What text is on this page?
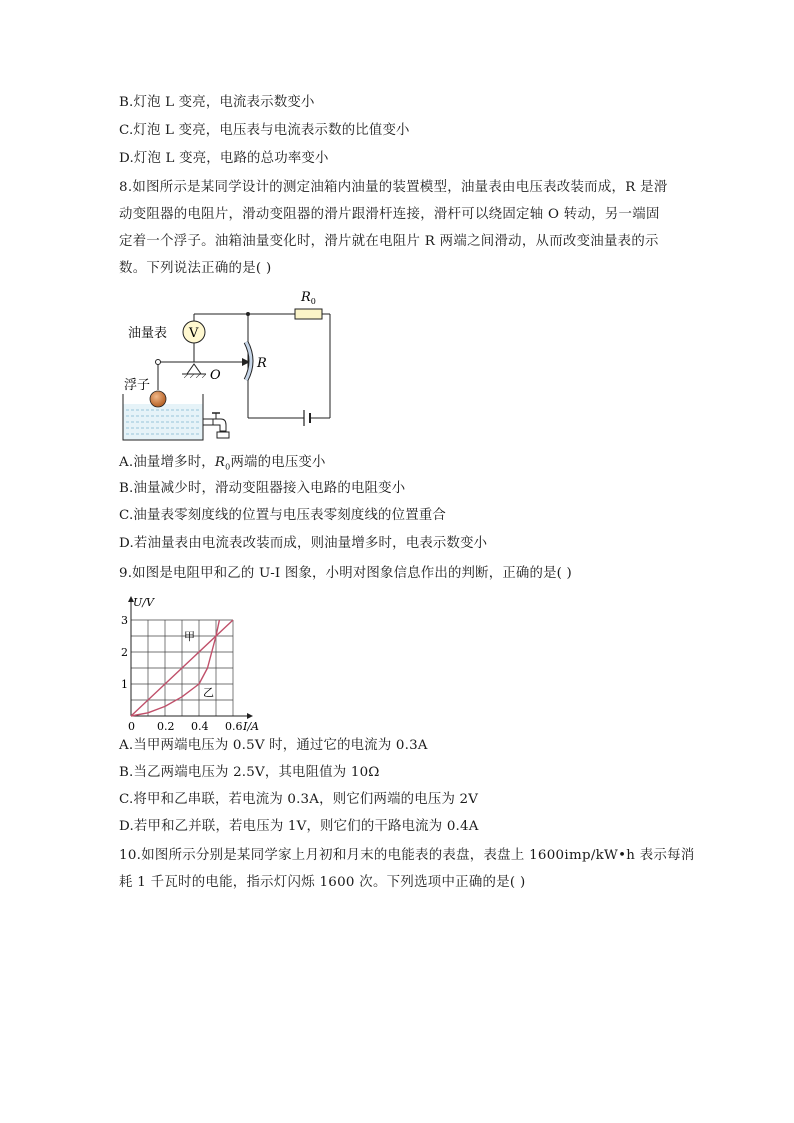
B.灯泡 L 变亮，电流表示数变小
C.灯泡 L 变亮，电压表与电流表示数的比值变小
D.灯泡 L 变亮，电路的总功率变小
8.如图所示是某同学设计的测定油箱内油量的装置模型，油量表由电压表改装而成，R 是滑
动变阻器的电阻片，滑动变阻器的滑片跟滑杆连接，滑杆可以绕固定轴 O 转动，另一端固
定着一个浮子。油箱油量变化时，滑片就在电阻片 R 两端之间滑动，从而改变油量表的示
数。下列说法正确的是( )
$R_0$
V
油量表
O
R
浮子
A.油量增多时，$R_0$两端的电压变小
B.油量减少时，滑动变阻器接入电路的电阻变小
C.油量表零刻度线的位置与电压表零刻度线的位置重合
D.若油量表由电流表改装而成，则油量增多时，电表示数变小
9.如图是电阻甲和乙的 U-I 图象，小明对图象信息作出的判断，正确的是( )
0 0.2 0.4 0.6
1
2
3
U/V
I/A
甲
乙
A.当甲两端电压为 0.5V 时，通过它的电流为 0.3A
B.当乙两端电压为 2.5V，其电阻值为 10Ω
C.将甲和乙串联，若电流为 0.3A，则它们两端的电压为 2V
D.若甲和乙并联，若电压为 1V，则它们的干路电流为 0.4A
10.如图所示分别是某同学家上月初和月末的电能表的表盘，表盘上 1600imp/kW•h 表示每消
耗 1 千瓦时的电能，指示灯闪烁 1600 次。下列选项中正确的是( )
